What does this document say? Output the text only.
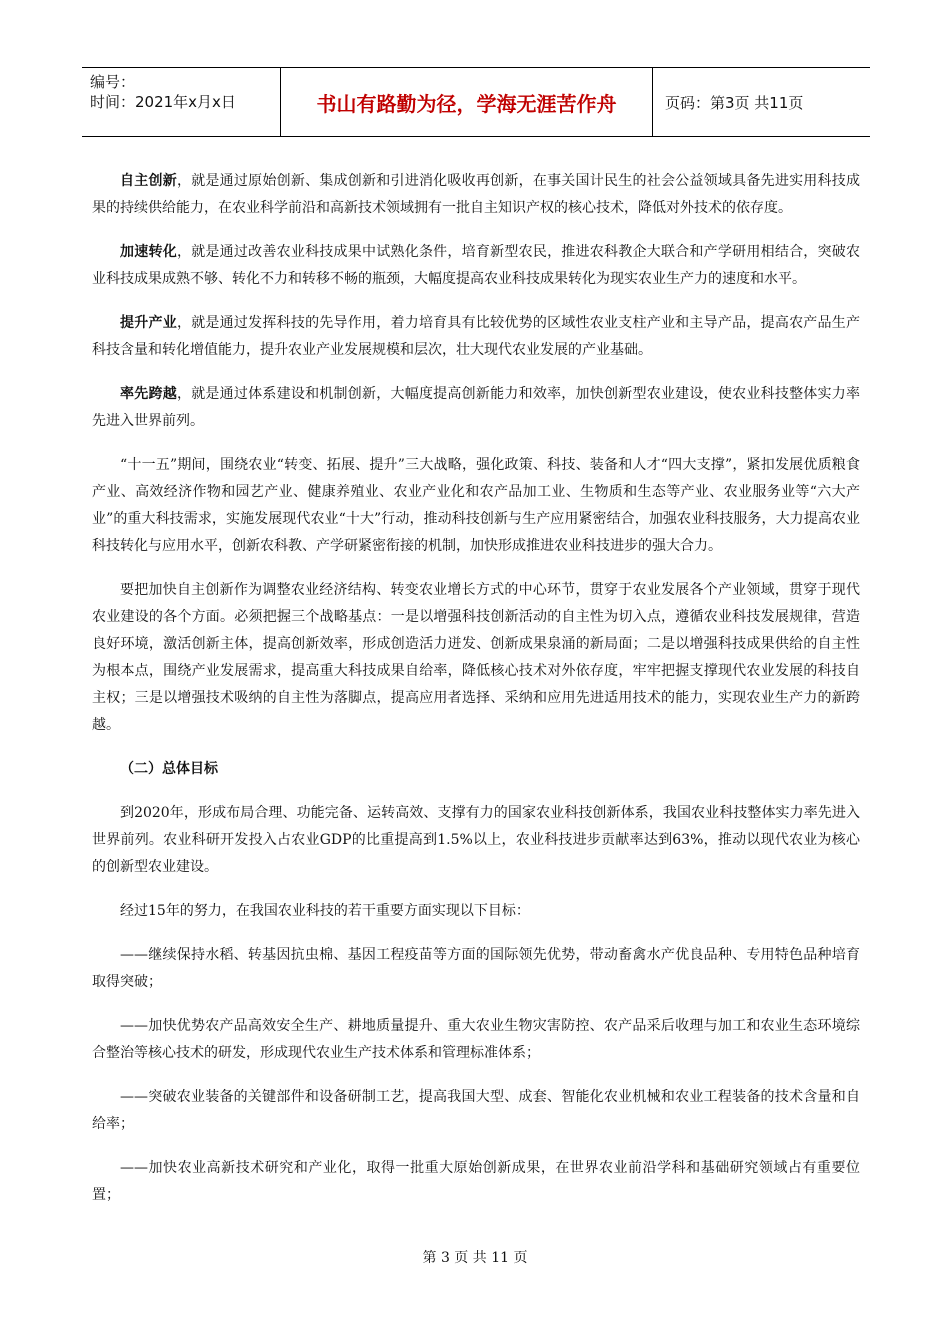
编号：
时间：2021年x月x日	书山有路勤为径，学海无涯苦作舟	页码：第3页 共11页

自主创新，就是通过原始创新、集成创新和引进消化吸收再创新，在事关国计民生的社会公益领域具备先进实用科技成果的持续供给能力，在农业科学前沿和高新技术领域拥有一批自主知识产权的核心技术，降低对外技术的依存度。

加速转化，就是通过改善农业科技成果中试熟化条件，培育新型农民，推进农科教企大联合和产学研用相结合，突破农业科技成果成熟不够、转化不力和转移不畅的瓶颈，大幅度提高农业科技成果转化为现实农业生产力的速度和水平。

提升产业，就是通过发挥科技的先导作用，着力培育具有比较优势的区域性农业支柱产业和主导产品，提高农产品生产科技含量和转化增值能力，提升农业产业发展规模和层次，壮大现代农业发展的产业基础。

率先跨越，就是通过体系建设和机制创新，大幅度提高创新能力和效率，加快创新型农业建设，使农业科技整体实力率先进入世界前列。

“十一五”期间，围绕农业“转变、拓展、提升”三大战略，强化政策、科技、装备和人才“四大支撑”，紧扣发展优质粮食产业、高效经济作物和园艺产业、健康养殖业、农业产业化和农产品加工业、生物质和生态等产业、农业服务业等“六大产业”的重大科技需求，实施发展现代农业“十大”行动，推动科技创新与生产应用紧密结合，加强农业科技服务，大力提高农业科技转化与应用水平，创新农科教、产学研紧密衔接的机制，加快形成推进农业科技进步的强大合力。

要把加快自主创新作为调整农业经济结构、转变农业增长方式的中心环节，贯穿于农业发展各个产业领域，贯穿于现代农业建设的各个方面。必须把握三个战略基点：一是以增强科技创新活动的自主性为切入点，遵循农业科技发展规律，营造良好环境，激活创新主体，提高创新效率，形成创造活力迸发、创新成果泉涌的新局面；二是以增强科技成果供给的自主性为根本点，围绕产业发展需求，提高重大科技成果自给率，降低核心技术对外依存度，牢牢把握支撑现代农业发展的科技自主权；三是以增强技术吸纳的自主性为落脚点，提高应用者选择、采纳和应用先进适用技术的能力，实现农业生产力的新跨越。

（二）总体目标

到2020年，形成布局合理、功能完备、运转高效、支撑有力的国家农业科技创新体系，我国农业科技整体实力率先进入世界前列。农业科研开发投入占农业GDP的比重提高到1.5%以上，农业科技进步贡献率达到63%，推动以现代农业为核心的创新型农业建设。

经过15年的努力，在我国农业科技的若干重要方面实现以下目标：

——继续保持水稻、转基因抗虫棉、基因工程疫苗等方面的国际领先优势，带动畜禽水产优良品种、专用特色品种培育取得突破；

——加快优势农产品高效安全生产、耕地质量提升、重大农业生物灾害防控、农产品采后收理与加工和农业生态环境综合整治等核心技术的研发，形成现代农业生产技术体系和管理标准体系；

——突破农业装备的关键部件和设备研制工艺，提高我国大型、成套、智能化农业机械和农业工程装备的技术含量和自给率；

——加快农业高新技术研究和产业化，取得一批重大原始创新成果，在世界农业前沿学科和基础研究领域占有重要位置；

第 3 页 共 11 页
